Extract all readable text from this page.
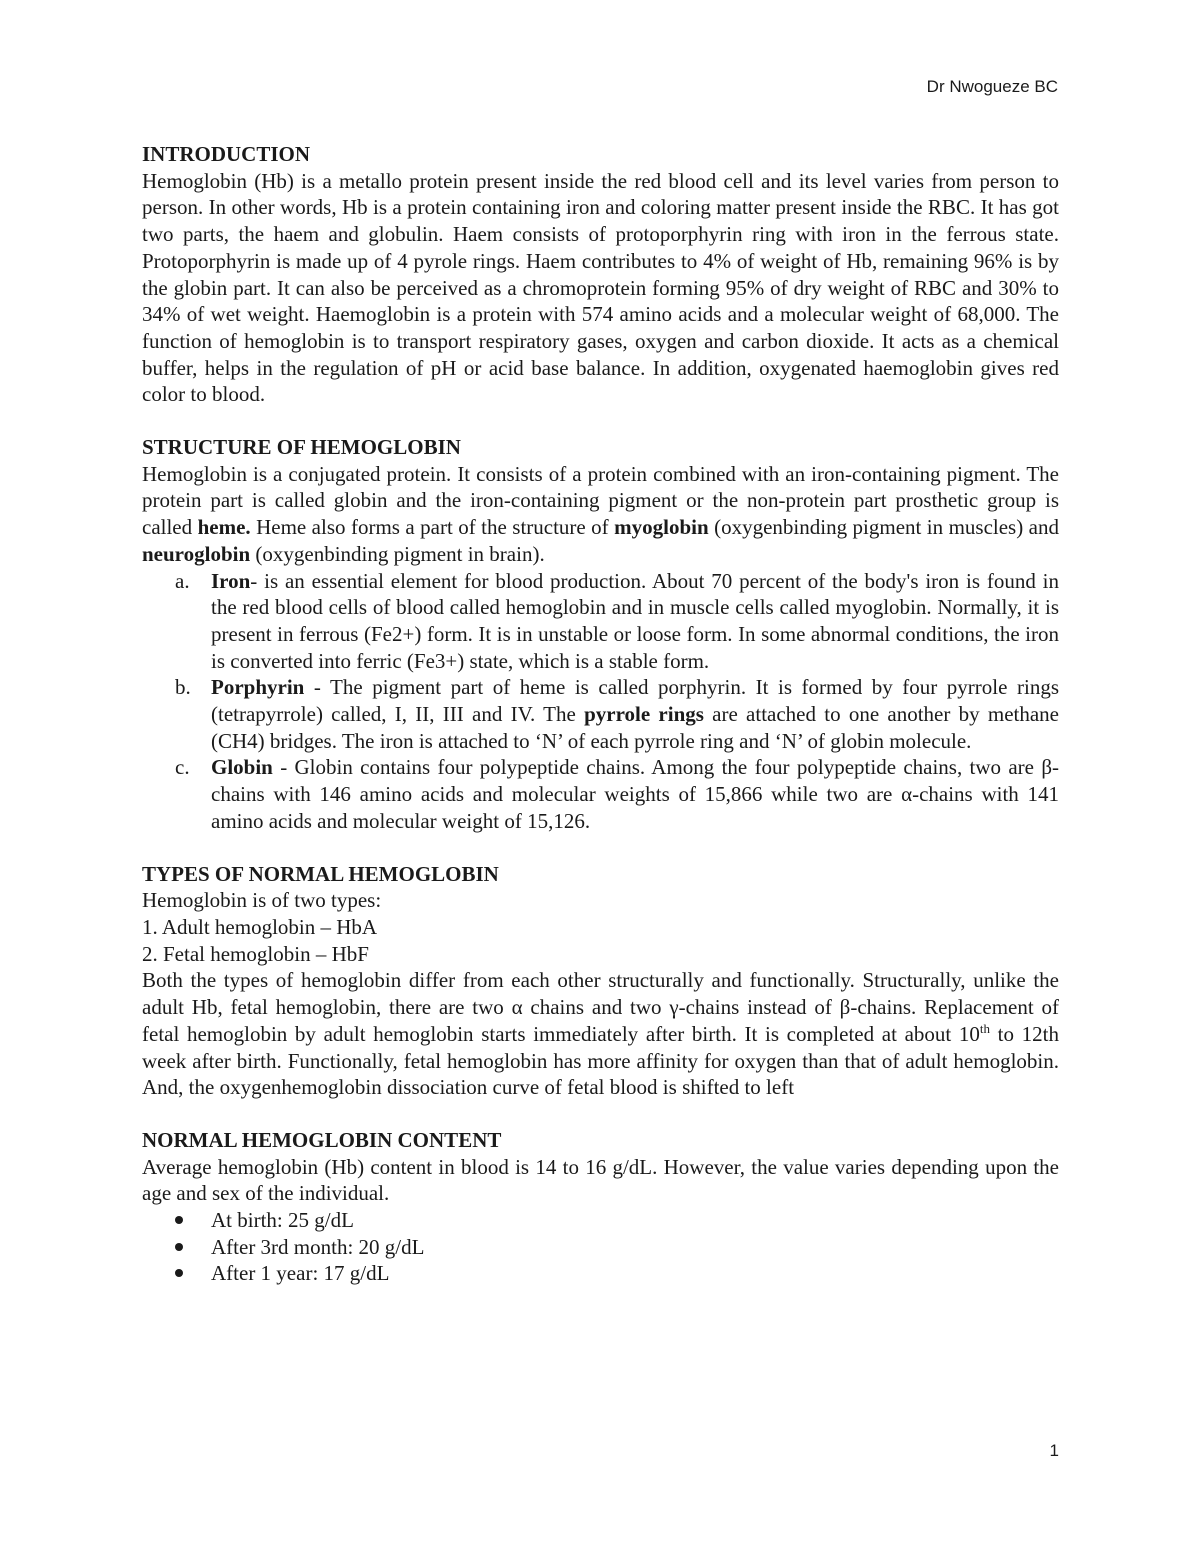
Dr Nwogueze BC
INTRODUCTION

Hemoglobin (Hb) is a metallo protein present inside the red blood cell and its level varies from person to person. In other words, Hb is a protein containing iron and coloring matter present inside the RBC. It has got two parts, the haem and globulin. Haem consists of protoporphyrin ring with iron in the ferrous state. Protoporphyrin is made up of 4 pyrole rings. Haem contributes to 4% of weight of Hb, remaining 96% is by the globin part. It can also be perceived as a chromoprotein forming 95% of dry weight of RBC and 30% to 34% of wet weight. Haemoglobin is a protein with 574 amino acids and a molecular weight of 68,000. The function of hemoglobin is to transport respiratory gases, oxygen and carbon dioxide. It acts as a chemical buffer, helps in the regulation of pH or acid base balance. In addition, oxygenated haemoglobin gives red color to blood.

STRUCTURE OF HEMOGLOBIN

Hemoglobin is a conjugated protein. It consists of a protein combined with an iron-containing pigment. The protein part is called globin and the iron-containing pigment or the non-protein part prosthetic group is called heme. Heme also forms a part of the structure of myoglobin (oxygenbinding pigment in muscles) and neuroglobin (oxygenbinding pigment in brain).

a. Iron- is an essential element for blood production. About 70 percent of the body's iron is found in the red blood cells of blood called hemoglobin and in muscle cells called myoglobin. Normally, it is present in ferrous (Fe2+) form. It is in unstable or loose form. In some abnormal conditions, the iron is converted into ferric (Fe3+) state, which is a stable form.
b. Porphyrin - The pigment part of heme is called porphyrin. It is formed by four pyrrole rings (tetrapyrrole) called, I, II, III and IV. The pyrrole rings are attached to one another by methane (CH4) bridges. The iron is attached to ‘N’ of each pyrrole ring and ‘N’ of globin molecule.
c. Globin - Globin contains four polypeptide chains. Among the four polypeptide chains, two are β-chains with 146 amino acids and molecular weights of 15,866 while two are α-chains with 141 amino acids and molecular weight of 15,126.
TYPES OF NORMAL HEMOGLOBIN
Hemoglobin is of two types:
1. Adult hemoglobin – HbA
2. Fetal hemoglobin – HbF

Both the types of hemoglobin differ from each other structurally and functionally. Structurally, unlike the adult Hb, fetal hemoglobin, there are two α chains and two γ-chains instead of β-chains. Replacement of fetal hemoglobin by adult hemoglobin starts immediately after birth. It is completed at about 10th to 12th week after birth. Functionally, fetal hemoglobin has more affinity for oxygen than that of adult hemoglobin. And, the oxygenhemoglobin dissociation curve of fetal blood is shifted to left

NORMAL HEMOGLOBIN CONTENT

Average hemoglobin (Hb) content in blood is 14 to 16 g/dL. However, the value varies depending upon the age and sex of the individual.

At birth: 25 g/dL
After 3rd month: 20 g/dL
After 1 year: 17 g/dL
1
